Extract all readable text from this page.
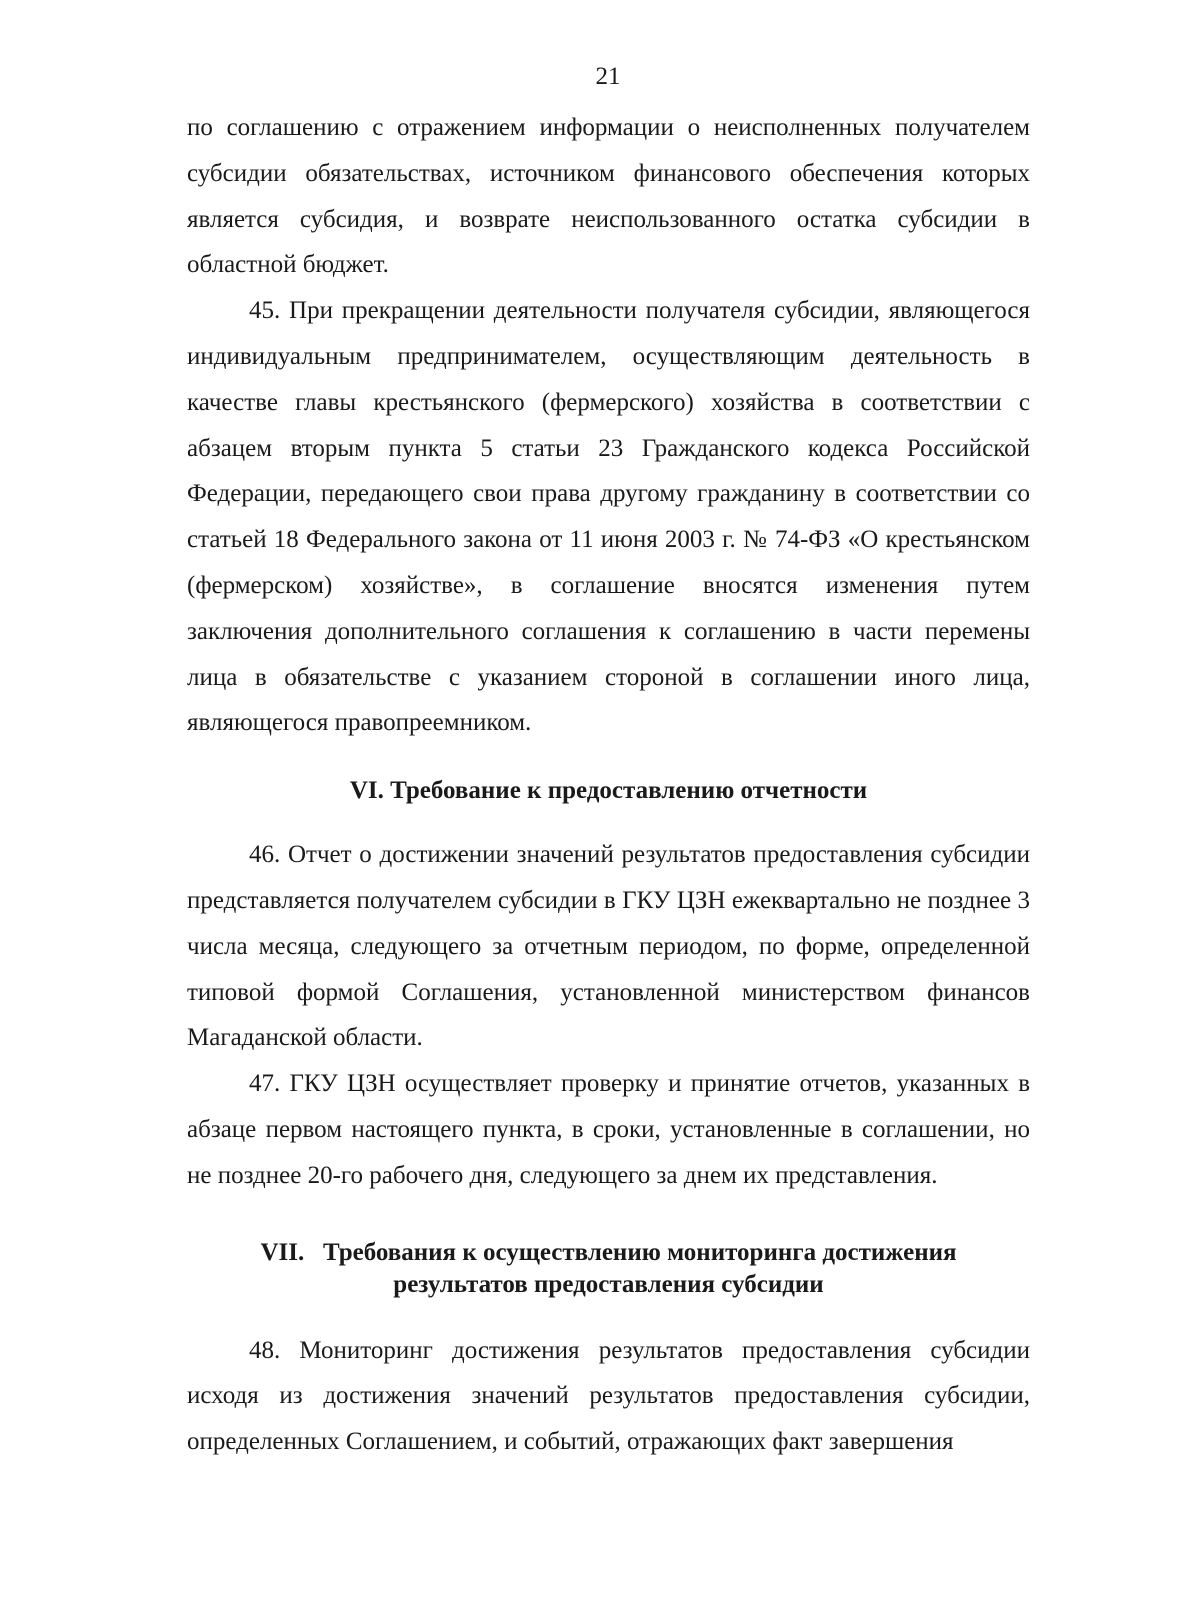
21

по соглашению с отражением информации о неисполненных получателем субсидии обязательствах, источником финансового обеспечения которых является субсидия, и возврате неиспользованного остатка субсидии в областной бюджет.

45. При прекращении деятельности получателя субсидии, являющегося индивидуальным предпринимателем, осуществляющим деятельность в качестве главы крестьянского (фермерского) хозяйства в соответствии с абзацем вторым пункта 5 статьи 23 Гражданского кодекса Российской Федерации, передающего свои права другому гражданину в соответствии со статьей 18 Федерального закона от 11 июня 2003 г. № 74-ФЗ «О крестьянском (фермерском) хозяйстве», в соглашение вносятся изменения путем заключения дополнительного соглашения к соглашению в части перемены лица в обязательстве с указанием стороной в соглашении иного лица, являющегося правопреемником.

VI. Требование к предоставлению отчетности

46. Отчет о достижении значений результатов предоставления субсидии представляется получателем субсидии в ГКУ ЦЗН ежеквартально не позднее 3 числа месяца, следующего за отчетным периодом, по форме, определенной типовой формой Соглашения, установленной министерством финансов Магаданской области.

47. ГКУ ЦЗН осуществляет проверку и принятие отчетов, указанных в абзаце первом настоящего пункта, в сроки, установленные в соглашении, но не позднее 20-го рабочего дня, следующего за днем их представления.

VII.   Требования к осуществлению мониторинга достижения
результатов предоставления субсидии

48. Мониторинг достижения результатов предоставления субсидии исходя из достижения значений результатов предоставления субсидии, определенных Соглашением, и событий, отражающих факт завершения
